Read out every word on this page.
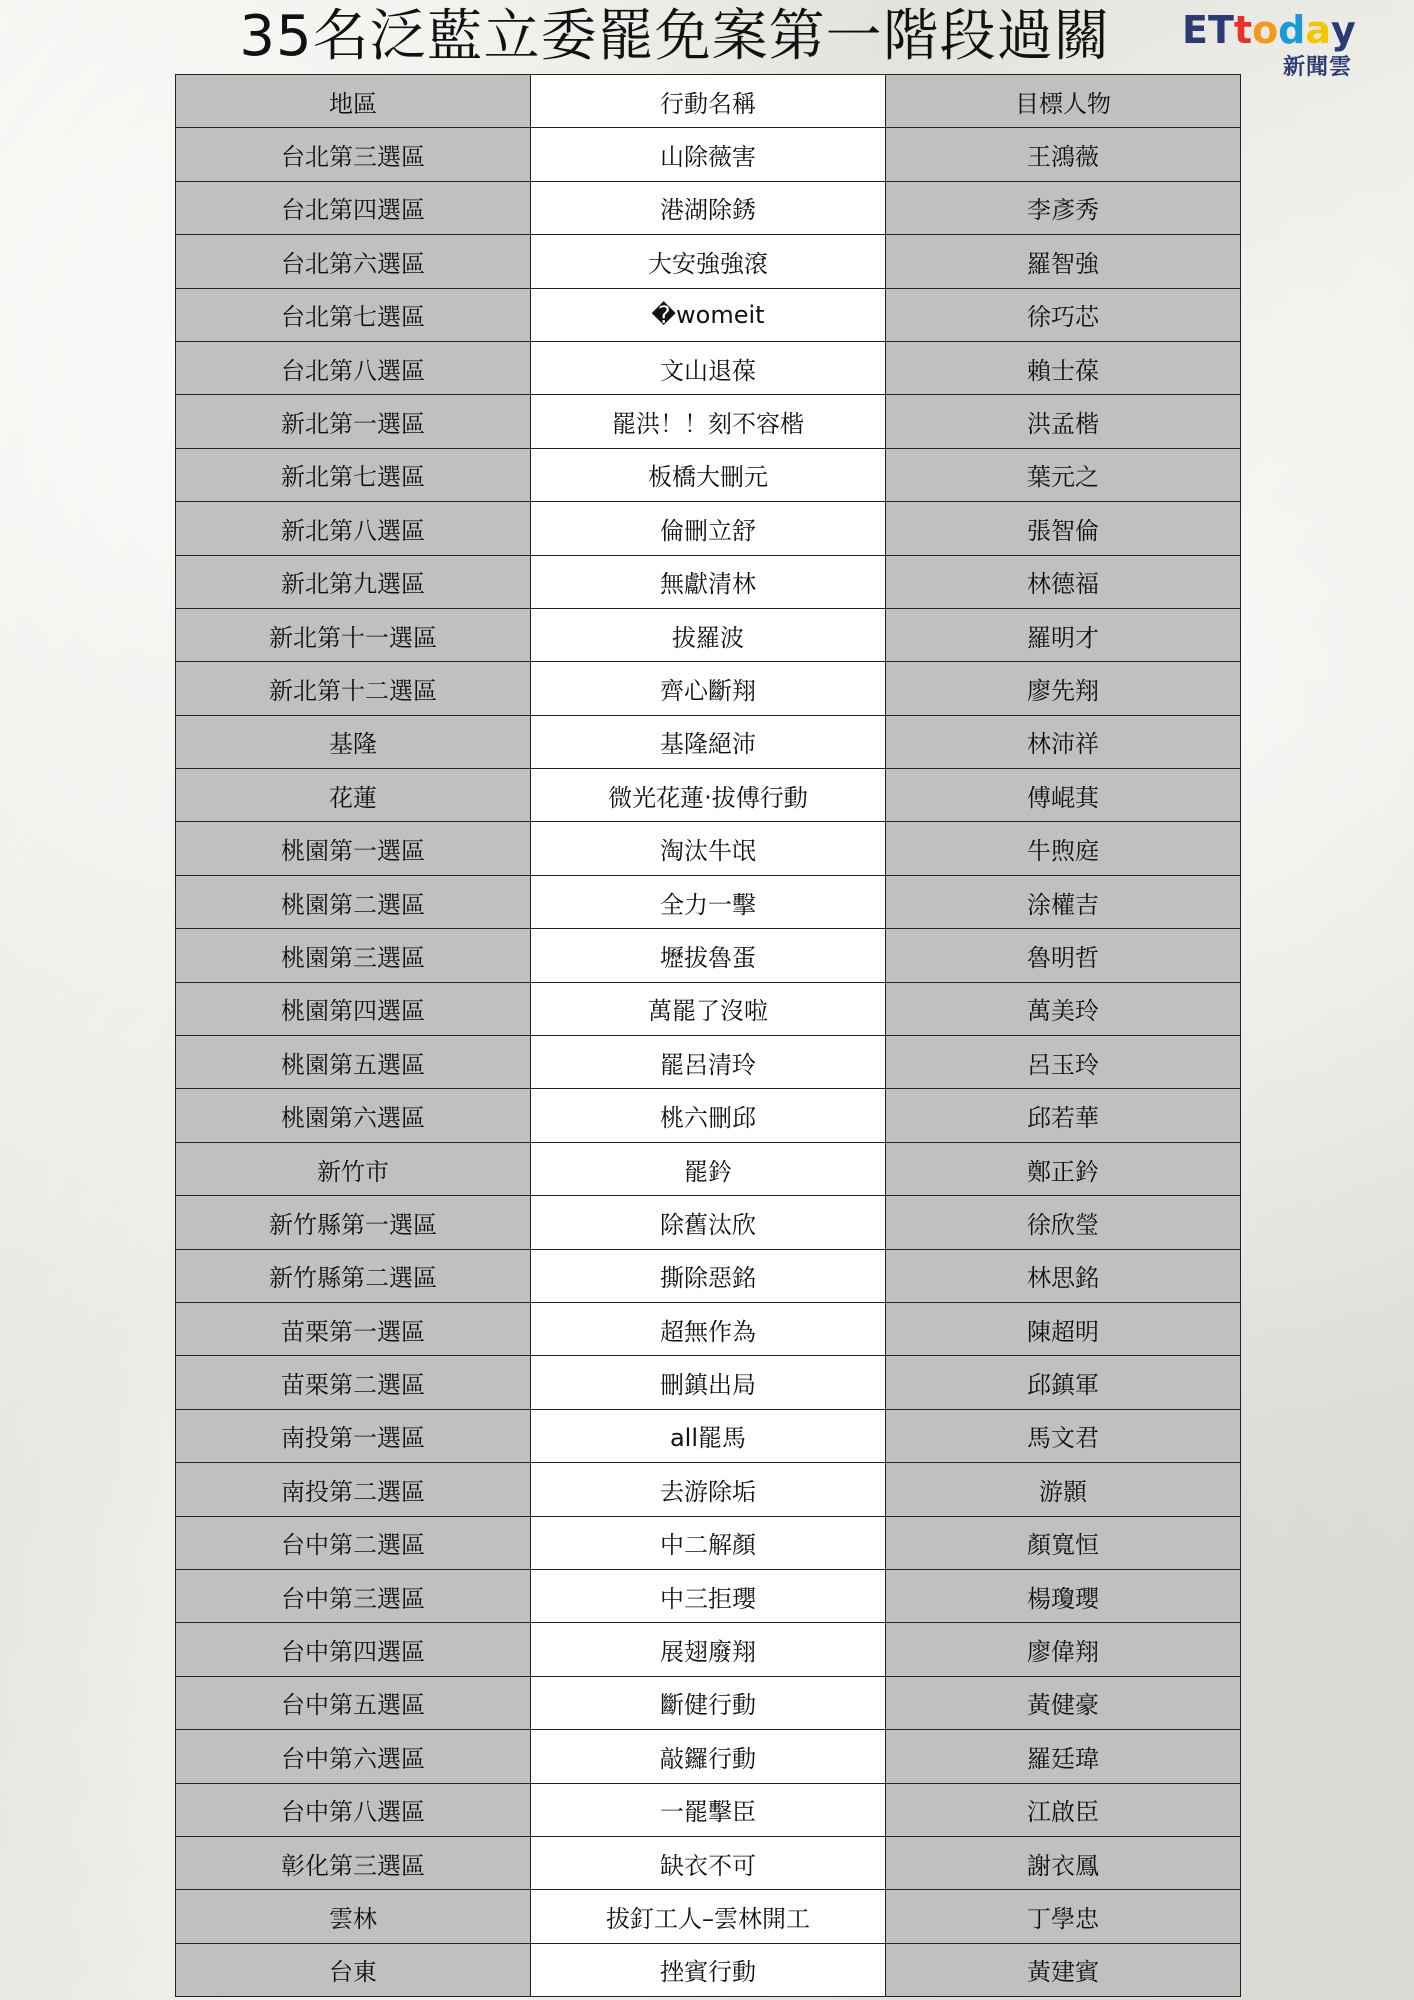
35名泛藍立委罷免案第一階段過關	E T t o d a y
新聞雲
地區	行動名稱	目標人物
台北第三選區	山除薇害	王鴻薇
台北第四選區	港湖除銹	李彥秀
台北第六選區	大安強強滾	羅智強
台北第七選區	�womeit	徐巧芯
台北第八選區	文山退葆	賴士葆
新北第一選區	罷洪！！刻不容楷	洪孟楷
新北第七選區	板橋大刪元	葉元之
新北第八選區	倫刪立舒	張智倫
新北第九選區	無獻清林	林德福
新北第十一選區	拔羅波	羅明才
新北第十二選區	齊心斷翔	廖先翔
基隆	基隆絕沛	林沛祥
花蓮	微光花蓮‧拔傅行動	傅崐萁
桃園第一選區	淘汰牛氓	牛煦庭
桃園第二選區	全力一擊	涂權吉
桃園第三選區	壢拔魯蛋	魯明哲
桃園第四選區	萬罷了沒啦	萬美玲
桃園第五選區	罷呂清玲	呂玉玲
桃園第六選區	桃六刪邱	邱若華
新竹市	罷鈐	鄭正鈐
新竹縣第一選區	除舊汰欣	徐欣瑩
新竹縣第二選區	撕除惡銘	林思銘
苗栗第一選區	超無作為	陳超明
苗栗第二選區	刪鎮出局	邱鎮軍
南投第一選區	all罷馬	馬文君
南投第二選區	去游除垢	游顥
台中第二選區	中二解顏	顏寬恒
台中第三選區	中三拒瓔	楊瓊瓔
台中第四選區	展翅廢翔	廖偉翔
台中第五選區	斷健行動	黃健豪
台中第六選區	敲鑼行動	羅廷瑋
台中第八選區	一罷擊臣	江啟臣
彰化第三選區	缺衣不可	謝衣鳳
雲林	拔釘工人–雲林開工	丁學忠
台東	挫賓行動	黃建賓
